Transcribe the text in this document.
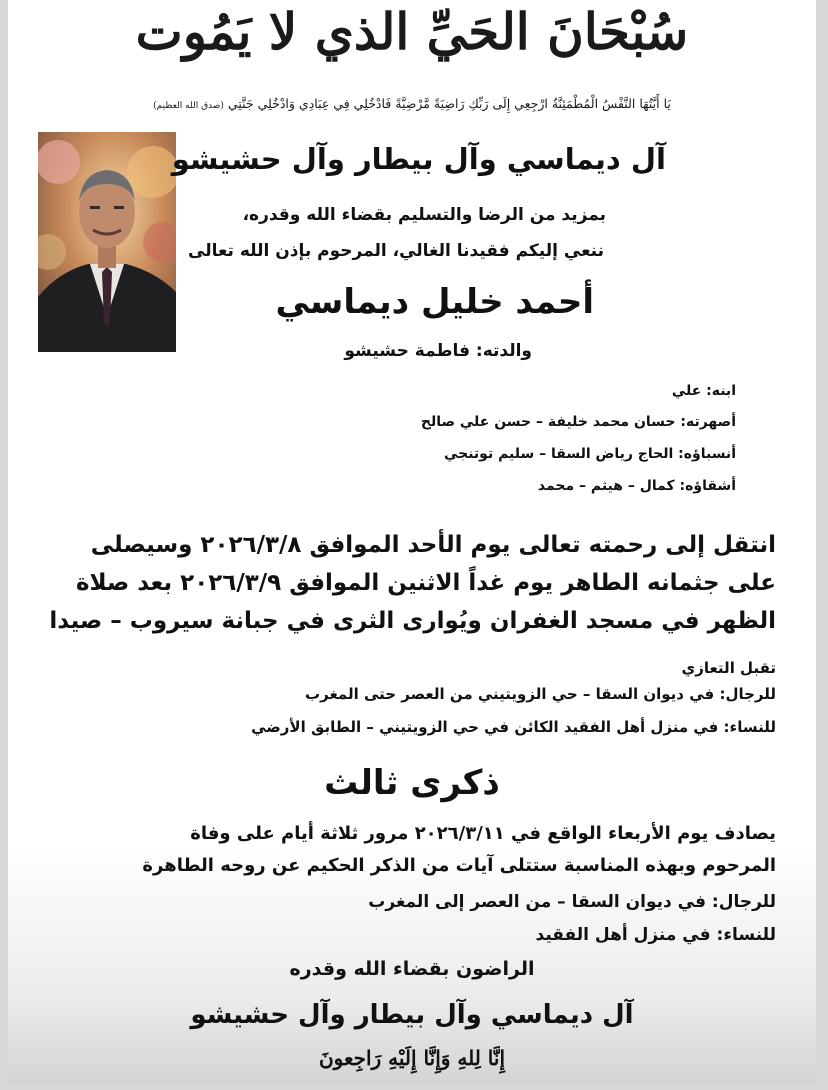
سُبْحَانَ الحَيِّ الذي لا يَمُوت

يَا أَيَّتُهَا النَّفْسُ الْمُطْمَئِنَّةُ ارْجِعِي إِلَى رَبِّكِ رَاضِيَةً مَّرْضِيَّةً فَادْخُلِي فِي عِبَادِي وَادْخُلِي جَنَّتِي (صدق الله العظيم)

آل ديماسي وآل بيطار وآل حشيشو

بمزيد من الرضا والتسليم بقضاء الله وقدره،

ننعي إليكم فقيدنا الغالي، المرحوم بإذن الله تعالى

أحمد خليل ديماسي

والدته: فاطمة حشيشو

ابنه: علي

أصهرته: حسان محمد خليفة – حسن علي صالح

أنسباؤه: الحاج رياض السقا – سليم توتنجي

أشقاؤه: كمال – هيثم – محمد

انتقل إلى رحمته تعالى يوم الأحد الموافق ٢٠٢٦/٣/٨ وسيصلى

على جثمانه الطاهر يوم غداً الاثنين الموافق ٢٠٢٦/٣/٩ بعد صلاة

الظهر في مسجد الغفران ويُوارى الثرى في جبانة سيروب – صيدا

تقبل التعازي

للرجال: في ديوان السقا – حي الزويتيني من العصر حتى المغرب

للنساء: في منزل أهل الفقيد الكائن في حي الزويتيني – الطابق الأرضي

ذكرى ثالث

يصادف يوم الأربعاء الواقع في ٢٠٢٦/٣/١١ مرور ثلاثة أيام على وفاة

المرحوم وبهذه المناسبة ستتلى آيات من الذكر الحكيم عن روحه الطاهرة

للرجال: في ديوان السقا – من العصر إلى المغرب

للنساء: في منزل أهل الفقيد

الراضون بقضاء الله وقدره

آل ديماسي وآل بيطار وآل حشيشو

إِنَّا لِلهِ وَإِنَّا إِلَيْهِ رَاجِعونَ
